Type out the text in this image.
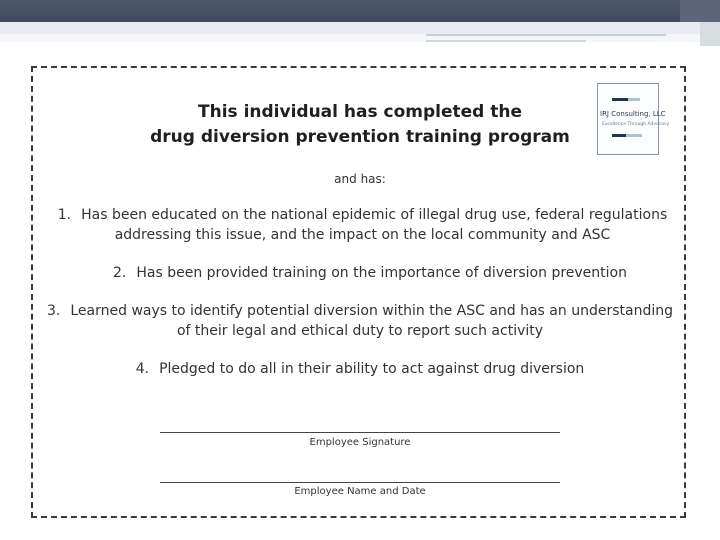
This individual has completed the
drug diversion prevention training program
IRJ Consulting, LLC
Excellence Through Advocacy
and has:
1. Has been educated on the national epidemic of illegal drug use, federal regulations addressing this issue, and the impact on the local community and ASC
2. Has been provided training on the importance of diversion prevention
3. Learned ways to identify potential diversion within the ASC and has an understanding of their legal and ethical duty to report such activity
4. Pledged to do all in their ability to act against drug diversion
Employee Signature
Employee Name and Date
